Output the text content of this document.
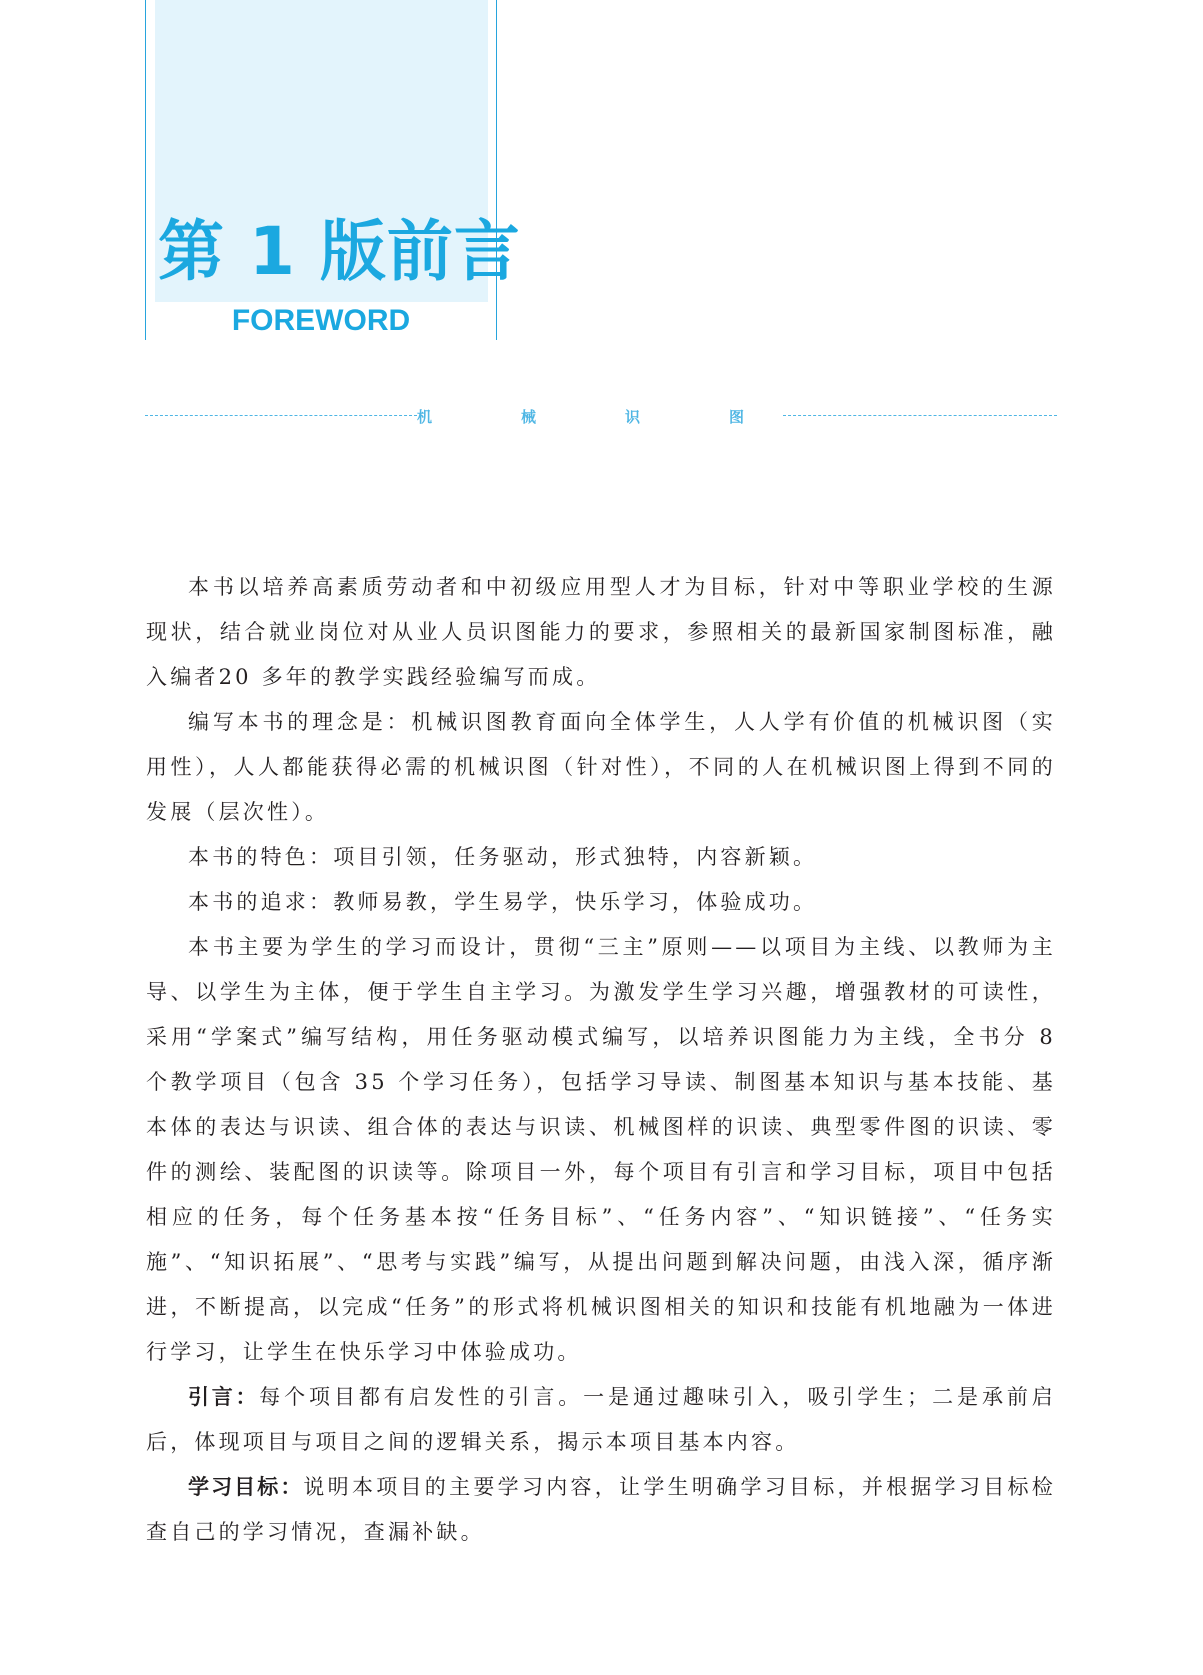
第 1 版前言
FOREWORD
机	械	识	图

本书以培养高素质劳动者和中初级应用型人才为目标，针对中等职业学校的生源现状，结合就业岗位对从业人员识图能力的要求，参照相关的最新国家制图标准，融入编者20 多年的教学实践经验编写而成。

编写本书的理念是：机械识图教育面向全体学生，人人学有价值的机械识图（实用性），人人都能获得必需的机械识图（针对性），不同的人在机械识图上得到不同的发展（层次性）。

本书的特色：项目引领，任务驱动，形式独特，内容新颖。

本书的追求：教师易教，学生易学，快乐学习，体验成功。

本书主要为学生的学习而设计，贯彻“三主”原则——以项目为主线、以教师为主导、以学生为主体，便于学生自主学习。为激发学生学习兴趣，增强教材的可读性，采用“学案式”编写结构，用任务驱动模式编写，以培养识图能力为主线，全书分 8 个教学项目（包含 35 个学习任务），包括学习导读、制图基本知识与基本技能、基本体的表达与识读、组合体的表达与识读、机械图样的识读、典型零件图的识读、零件的测绘、装配图的识读等。除项目一外，每个项目有引言和学习目标，项目中包括相应的任务，每个任务基本按“任务目标”、“任务内容”、“知识链接”、“任务实施”、“知识拓展”、“思考与实践”编写，从提出问题到解决问题，由浅入深，循序渐进，不断提高，以完成“任务”的形式将机械识图相关的知识和技能有机地融为一体进行学习，让学生在快乐学习中体验成功。

引言：每个项目都有启发性的引言。一是通过趣味引入，吸引学生；二是承前启后，体现项目与项目之间的逻辑关系，揭示本项目基本内容。

学习目标：说明本项目的主要学习内容，让学生明确学习目标，并根据学习目标检查自己的学习情况，查漏补缺。
